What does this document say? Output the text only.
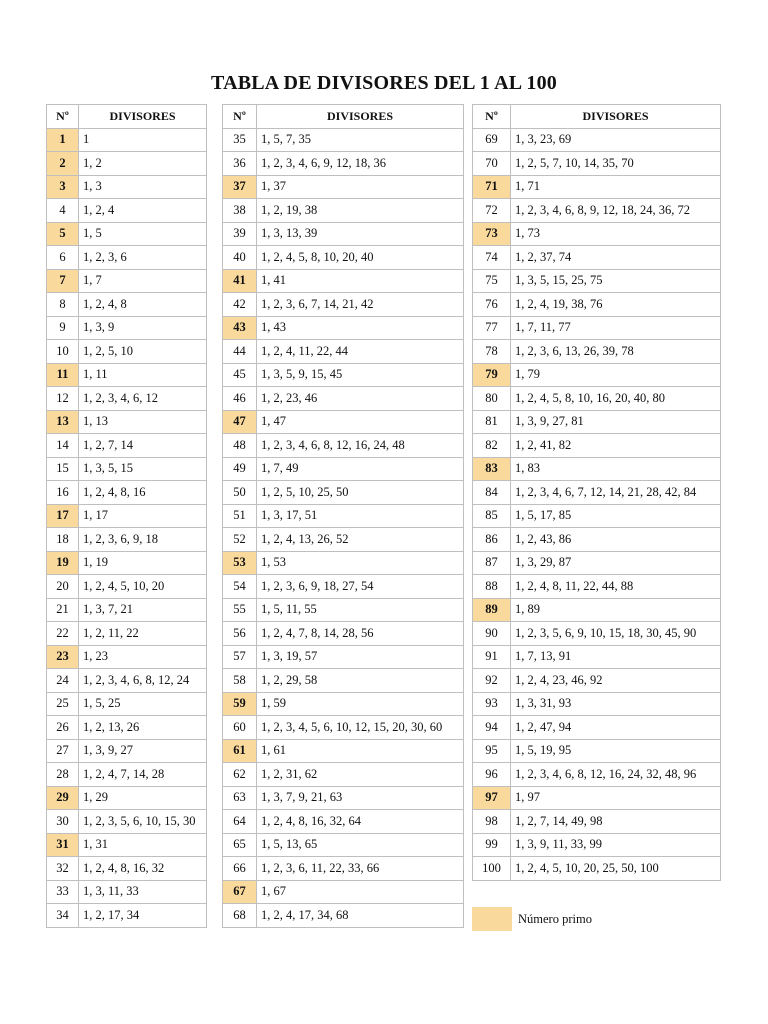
TABLA DE DIVISORES DEL 1 AL 100
Nº	DIVISORES
1	1
2	1, 2
3	1, 3
4	1, 2, 4
5	1, 5
6	1, 2, 3, 6
7	1, 7
8	1, 2, 4, 8
9	1, 3, 9
10	1, 2, 5, 10
11	1, 11
12	1, 2, 3, 4, 6, 12
13	1, 13
14	1, 2, 7, 14
15	1, 3, 5, 15
16	1, 2, 4, 8, 16
17	1, 17
18	1, 2, 3, 6, 9, 18
19	1, 19
20	1, 2, 4, 5, 10, 20
21	1, 3, 7, 21
22	1, 2, 11, 22
23	1, 23
24	1, 2, 3, 4, 6, 8, 12, 24
25	1, 5, 25
26	1, 2, 13, 26
27	1, 3, 9, 27
28	1, 2, 4, 7, 14, 28
29	1, 29
30	1, 2, 3, 5, 6, 10, 15, 30
31	1, 31
32	1, 2, 4, 8, 16, 32
33	1, 3, 11, 33
34	1, 2, 17, 34
Nº	DIVISORES
35	1, 5, 7, 35
36	1, 2, 3, 4, 6, 9, 12, 18, 36
37	1, 37
38	1, 2, 19, 38
39	1, 3, 13, 39
40	1, 2, 4, 5, 8, 10, 20, 40
41	1, 41
42	1, 2, 3, 6, 7, 14, 21, 42
43	1, 43
44	1, 2, 4, 11, 22, 44
45	1, 3, 5, 9, 15, 45
46	1, 2, 23, 46
47	1, 47
48	1, 2, 3, 4, 6, 8, 12, 16, 24, 48
49	1, 7, 49
50	1, 2, 5, 10, 25, 50
51	1, 3, 17, 51
52	1, 2, 4, 13, 26, 52
53	1, 53
54	1, 2, 3, 6, 9, 18, 27, 54
55	1, 5, 11, 55
56	1, 2, 4, 7, 8, 14, 28, 56
57	1, 3, 19, 57
58	1, 2, 29, 58
59	1, 59
60	1, 2, 3, 4, 5, 6, 10, 12, 15, 20, 30, 60
61	1, 61
62	1, 2, 31, 62
63	1, 3, 7, 9, 21, 63
64	1, 2, 4, 8, 16, 32, 64
65	1, 5, 13, 65
66	1, 2, 3, 6, 11, 22, 33, 66
67	1, 67
68	1, 2, 4, 17, 34, 68
Nº	DIVISORES
69	1, 3, 23, 69
70	1, 2, 5, 7, 10, 14, 35, 70
71	1, 71
72	1, 2, 3, 4, 6, 8, 9, 12, 18, 24, 36, 72
73	1, 73
74	1, 2, 37, 74
75	1, 3, 5, 15, 25, 75
76	1, 2, 4, 19, 38, 76
77	1, 7, 11, 77
78	1, 2, 3, 6, 13, 26, 39, 78
79	1, 79
80	1, 2, 4, 5, 8, 10, 16, 20, 40, 80
81	1, 3, 9, 27, 81
82	1, 2, 41, 82
83	1, 83
84	1, 2, 3, 4, 6, 7, 12, 14, 21, 28, 42, 84
85	1, 5, 17, 85
86	1, 2, 43, 86
87	1, 3, 29, 87
88	1, 2, 4, 8, 11, 22, 44, 88
89	1, 89
90	1, 2, 3, 5, 6, 9, 10, 15, 18, 30, 45, 90
91	1, 7, 13, 91
92	1, 2, 4, 23, 46, 92
93	1, 3, 31, 93
94	1, 2, 47, 94
95	1, 5, 19, 95
96	1, 2, 3, 4, 6, 8, 12, 16, 24, 32, 48, 96
97	1, 97
98	1, 2, 7, 14, 49, 98
99	1, 3, 9, 11, 33, 99
100	1, 2, 4, 5, 10, 20, 25, 50, 100
Número primo
